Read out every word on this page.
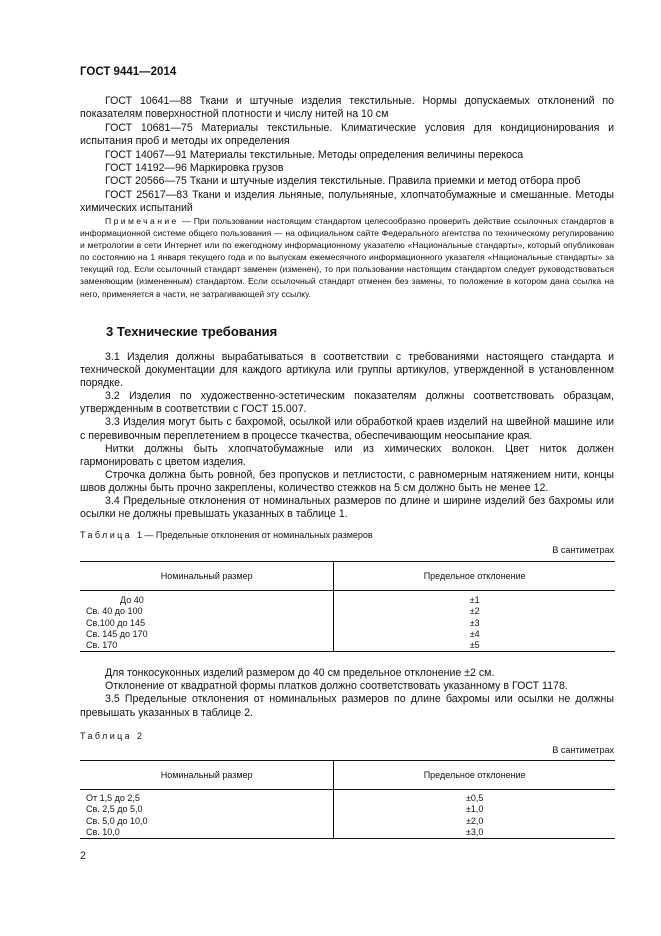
ГОСТ 9441—2014

ГОСТ 10641—88 Ткани и штучные изделия текстильные. Нормы допускаемых отклонений по показателям поверхностной плотности и числу нитей на 10 см

ГОСТ 10681—75 Материалы текстильные. Климатические условия для кондиционирования и испытания проб и методы их определения

ГОСТ 14067—91 Материалы текстильные. Методы определения величины перекоса

ГОСТ 14192—96 Маркировка грузов

ГОСТ 20566—75 Ткани и штучные изделия текстильные. Правила приемки и метод отбора проб

ГОСТ 25617—83 Ткани и изделия льняные, полульняные, хлопчатобумажные и смешанные. Методы химических испытаний

Примечание — При пользовании настоящим стандартом целесообразно проверить действие ссылочных стандартов в информационной системе общего пользования — на официальном сайте Федерального агентства по техническому регулированию и метрологии в сети Интернет или по ежегодному информационному указателю «Национальные стандарты», который опубликован по состоянию на 1 января текущего года и по выпускам ежемесячного информационного указателя «Национальные стандарты» за текущий год. Если ссылочный стандарт заменен (изменен), то при пользовании настоящим стандартом следует руководствоваться заменяющим (измененным) стандартом. Если ссылочный стандарт отменен без замены, то положение в котором дана ссылка на него, применяется в части, не затрагивающей эту ссылку.
3 Технические требования

3.1 Изделия должны вырабатываться в соответствии с требованиями настоящего стандарта и технической документации для каждого артикула или группы артикулов, утвержденной в установленном порядке.

3.2 Изделия по художественно-эстетическим показателям должны соответствовать образцам, утвержденным в соответствии с ГОСТ 15.007.

3.3 Изделия могут быть с бахромой, осылкой или обработкой краев изделий на швейной машине или с перевивочным переплетением в процессе ткачества, обеспечивающим неосыпание края.

Нитки должны быть хлопчатобумажные или из химических волокон. Цвет ниток должен гармонировать с цветом изделия.

Строчка должна быть ровной, без пропусков и петлистости, с равномерным натяжением нити, концы швов должны быть прочно закреплены, количество стежков на 5 см должно быть не менее 12.

3.4 Предельные отклонения от номинальных размеров по длине и ширине изделий без бахромы или осылки не должны превышать указанных в таблице 1.

Таблица 1— Предельные отклонения от номинальных размеров
В сантиметрах
Номинальный размер	Предельное отклонение
До 40	±1
Св. 40 до 100	±2
Св.100 до 145	±3
Св. 145 до 170	±4
Св. 170	±5

Для тонкосуконных изделий размером до 40 см предельное отклонение ±2 см.

Отклонение от квадратной формы платков должно соответствовать указанному в ГОСТ 1178.

3.5 Предельные отклонения от номинальных размеров по длине бахромы или осылки не должны превышать указанных в таблице 2.

Таблица 2
В сантиметрах
Номинальный размер	Предельное отклонение
От 1,5 до 2,5	±0,5
Св. 2,5 до 5,0	±1,0
Св. 5,0 до 10,0	±2,0
Св. 10,0	±3,0
2
